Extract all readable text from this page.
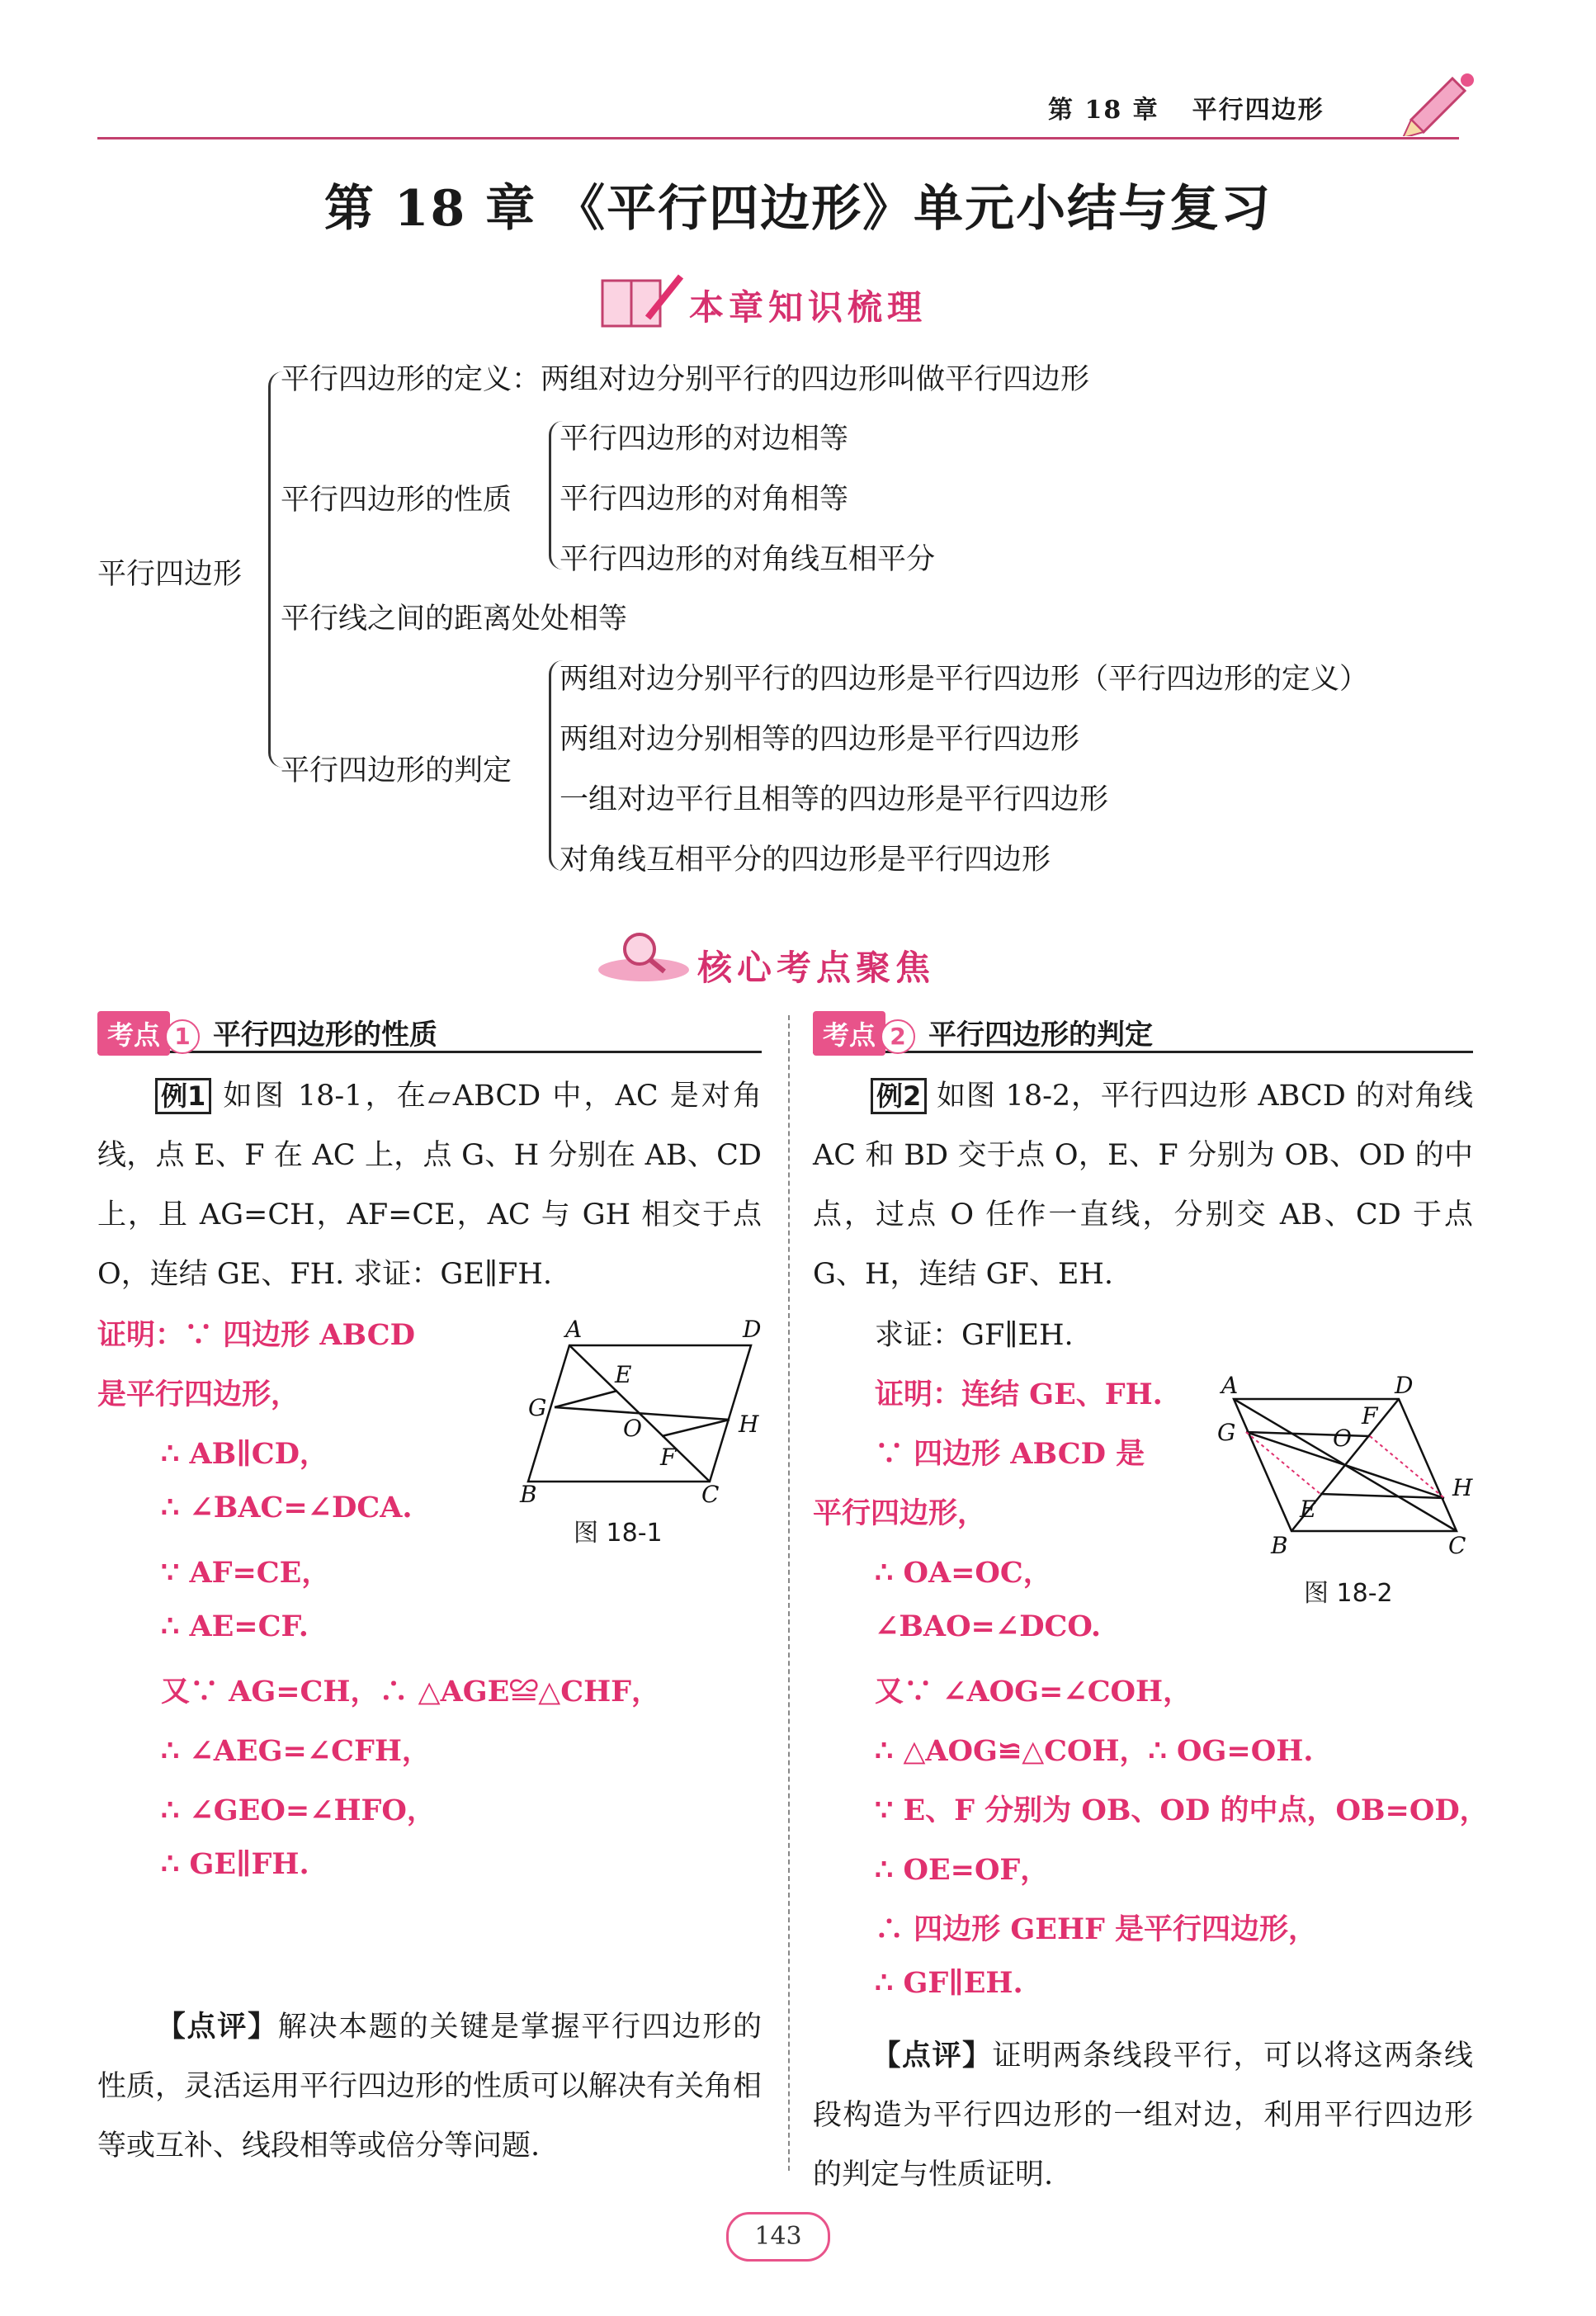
第 18 章 平行四边形
第 18 章 《平行四边形》单元小结与复习
本章知识梳理
平行四边形
平行四边形的定义：两组对边分别平行的四边形叫做平行四边形
平行四边形的性质
平行四边形的对边相等
平行四边形的对角相等
平行四边形的对角线互相平分
平行线之间的距离处处相等
平行四边形的判定
两组对边分别平行的四边形是平行四边形（平行四边形的定义）
两组对边分别相等的四边形是平行四边形
一组对边平行且相等的四边形是平行四边形
对角线互相平分的四边形是平行四边形
核心考点聚焦
考点 1 平行四边形的性质	考点 2 平行四边形的判定
例1 如图 18-1，在▱ABCD 中，AC 是对角线，点 E、F 在 AC 上，点 G、H 分别在 AB、CD 上，且 AG=CH，AF=CE，AC 与 GH 相交于点 O，连结 GE、FH. 求证：GE∥FH.
证明：∵ 四边形 ABCD
是平行四边形，
∴ AB∥CD，
∴ ∠BAC=∠DCA.
∵ AF=CE，
∴ AE=CF.
又∵ AG=CH，∴ △AGE≌△CHF，
∴ ∠AEG=∠CFH，
∴ ∠GEO=∠HFO，
∴ GE∥FH.
A	D
E
G
O	H
F
B	C
图 18-1
【点评】解决本题的关键是掌握平行四边形的性质，灵活运用平行四边形的性质可以解决有关角相等或互补、线段相等或倍分等问题.
例2 如图 18-2，平行四边形 ABCD 的对角线 AC 和 BD 交于点 O，E、F 分别为 OB、OD 的中点，过点 O 任作一直线，分别交 AB、CD 于点 G、H，连结 GF、EH.
求证：GF∥EH.
证明：连结 GE、FH.
∵ 四边形 ABCD 是
平行四边形，
∴ OA=OC，
∠BAO=∠DCO.
又∵ ∠AOG=∠COH，
∴ △AOG≌△COH，∴ OG=OH.
∵ E、F 分别为 OB、OD 的中点，OB=OD，
∴ OE=OF，
∴ 四边形 GEHF 是平行四边形，
∴ GF∥EH.
A	D
F
G	O
H
E
B	C
图 18-2
【点评】证明两条线段平行，可以将这两条线段构造为平行四边形的一组对边，利用平行四边形的判定与性质证明.
143
